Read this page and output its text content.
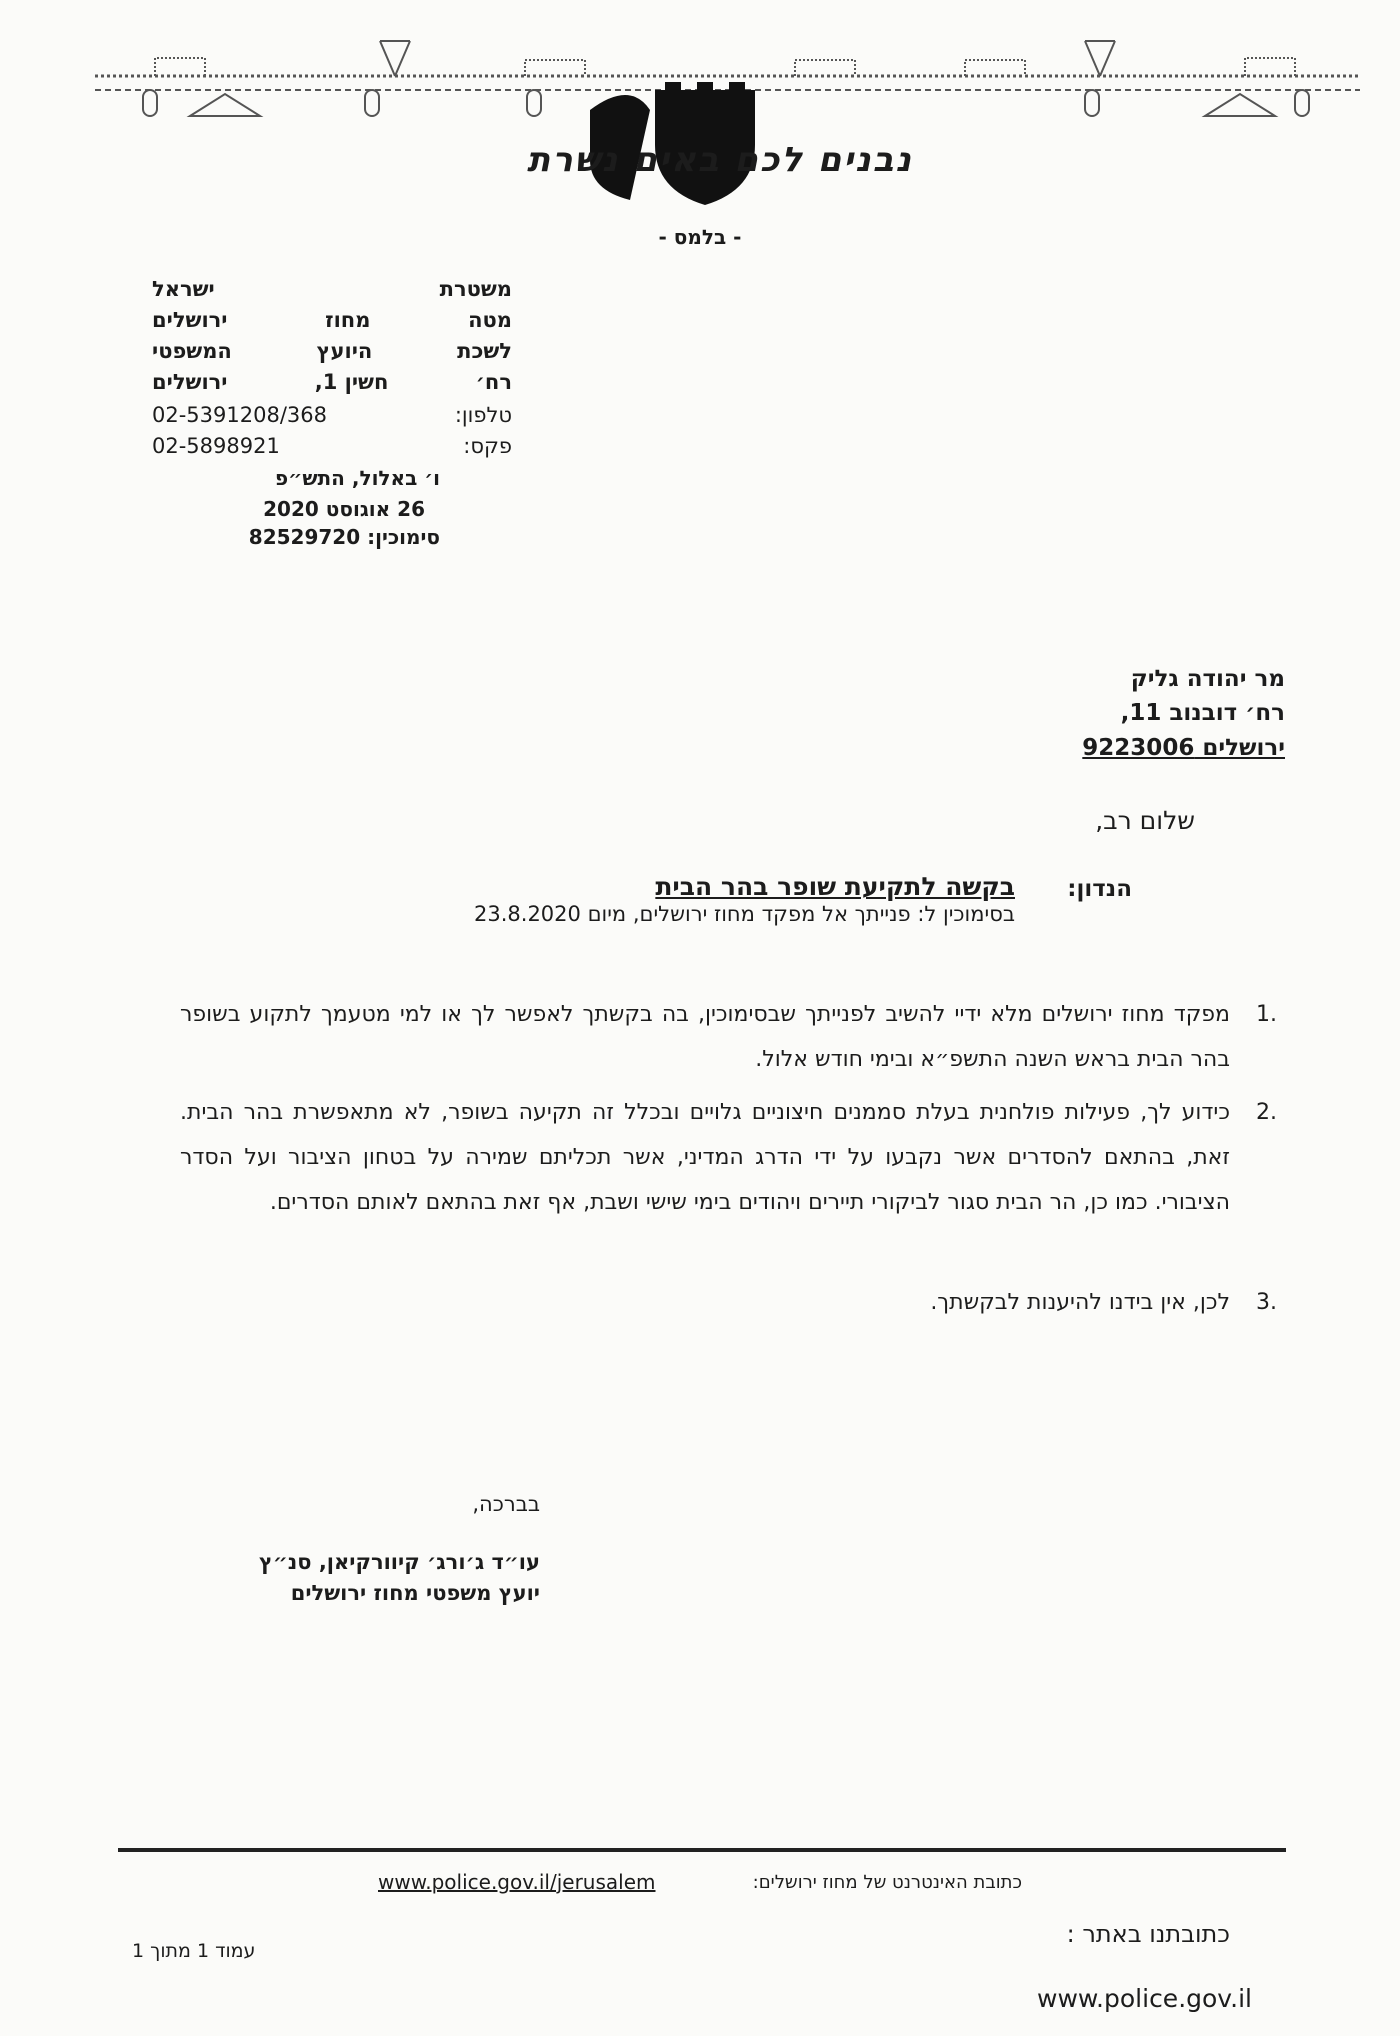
נבנים לכם באים נשרת
- בלמס -
משטרת
ישראל
מטה
מחוז
ירושלים
לשכת
היועץ
המשפטי
רח׳
חשין 1,
ירושלים
טלפון:
02-5391208/368
פקס:
02-5898921
ו׳ באלול, התש״פ
26 אוגוסט 2020
סימוכין: 82529720
מר יהודה גליק
רח׳ דובנוב 11,
ירושלים 9223006
שלום רב,
הנדון:
בקשה לתקיעת שופר בהר הבית
בסימוכין ל: פנייתך אל מפקד מחוז ירושלים, מיום 23.8.2020
1.
מפקד מחוז ירושלים מלא ידיי להשיב לפנייתך שבסימוכין, בה בקשתך לאפשר לך או למי מטעמך לתקוע בשופר בהר הבית בראש השנה התשפ״א ובימי חודש אלול.
2.
כידוע לך, פעילות פולחנית בעלת סממנים חיצוניים גלויים ובכלל זה תקיעה בשופר, לא מתאפשרת בהר הבית. זאת, בהתאם להסדרים אשר נקבעו על ידי הדרג המדיני, אשר תכליתם שמירה על בטחון הציבור ועל הסדר הציבורי. כמו כן, הר הבית סגור לביקורי תיירים ויהודים בימי שישי ושבת, אף זאת בהתאם לאותם הסדרים.
3.
לכן, אין בידנו להיענות לבקשתך.
בברכה,
עו״ד ג׳ורג׳ קיוורקיאן, סנ״ץ
יועץ משפטי מחוז ירושלים
כתובת האינטרנט של מחוז ירושלים:
www.police.gov.il/jerusalem
עמוד 1 מתוך 1
כתובתנו באתר :
www.police.gov.il
